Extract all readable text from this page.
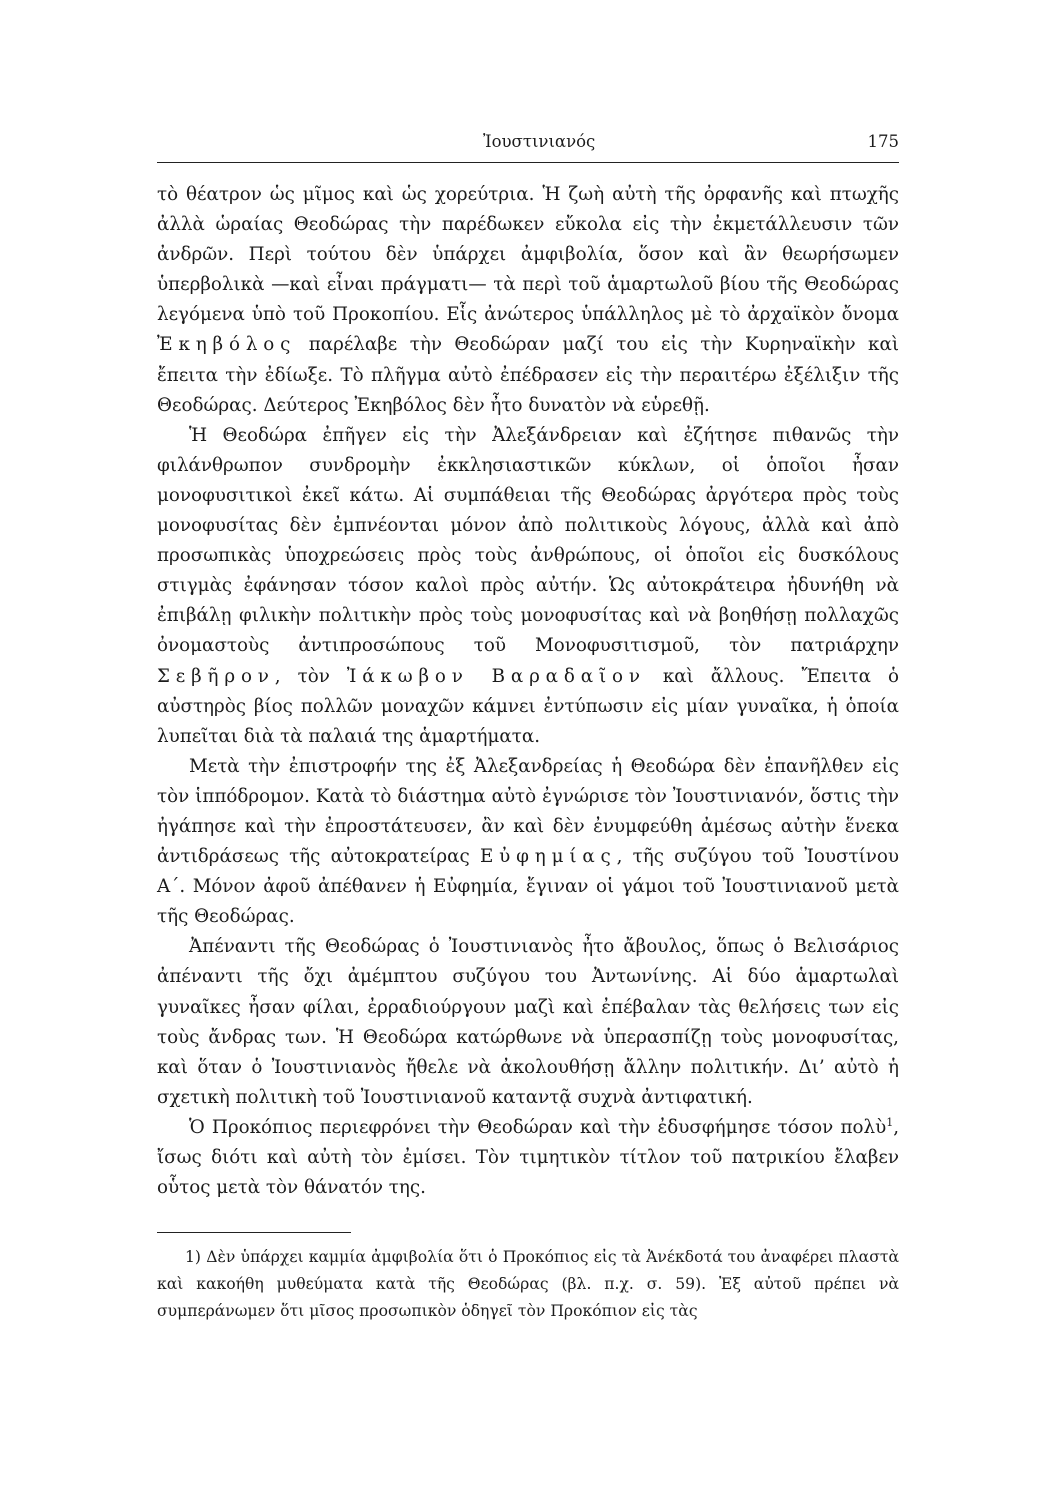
Ἰουστινιανός	175

τὸ θέατρον ὡς μῖμος καὶ ὡς χορεύτρια. Ἡ ζωὴ αὐτὴ τῆς ὀρφανῆς καὶ πτωχῆς ἀλλὰ ὡραίας Θεοδώρας τὴν παρέδωκεν εὔκολα εἰς τὴν ἐκμετάλλευσιν τῶν ἀνδρῶν. Περὶ τούτου δὲν ὑπάρχει ἀμφιβολία, ὅσον καὶ ἂν θεωρήσωμεν ὑπερβολικὰ —καὶ εἶναι πράγματι— τὰ περὶ τοῦ ἁμαρτωλοῦ βίου τῆς Θεοδώρας λεγόμενα ὑπὸ τοῦ Προκοπίου. Εἷς ἀνώτερος ὑπάλληλος μὲ τὸ ἀρχαϊκὸν ὄνομα Ἐκηβόλος παρέλαβε τὴν Θεοδώραν μαζί του εἰς τὴν Κυρηναϊκὴν καὶ ἔπειτα τὴν ἐδίωξε. Τὸ πλῆγμα αὐτὸ ἐπέδρασεν εἰς τὴν περαιτέρω ἐξέλιξιν τῆς Θεοδώρας. Δεύτερος Ἐκηβόλος δὲν ἦτο δυνατὸν νὰ εὑρεθῇ.

Ἡ Θεοδώρα ἐπῆγεν εἰς τὴν Ἀλεξάνδρειαν καὶ ἐζήτησε πιθανῶς τὴν φιλάνθρωπον συνδρομὴν ἐκκλησιαστικῶν κύκλων, οἱ ὁποῖοι ἦσαν μονοφυσιτικοὶ ἐκεῖ κάτω. Αἱ συμπάθειαι τῆς Θεοδώρας ἀργότερα πρὸς τοὺς μονοφυσίτας δὲν ἐμπνέονται μόνον ἀπὸ πολιτικοὺς λόγους, ἀλλὰ καὶ ἀπὸ προσωπικὰς ὑποχρεώσεις πρὸς τοὺς ἀνθρώπους, οἱ ὁποῖοι εἰς δυσκόλους στιγμὰς ἐφάνησαν τόσον καλοὶ πρὸς αὐτήν. Ὡς αὐτοκράτειρα ἠδυνήθη νὰ ἐπιβάλῃ φιλικὴν πολιτικὴν πρὸς τοὺς μονοφυσίτας καὶ νὰ βοηθήσῃ πολλαχῶς ὀνομαστοὺς ἀντιπροσώπους τοῦ Μονοφυσιτισμοῦ, τὸν πατριάρχην Σεβῆρον, τὸν Ἰάκωβον Βαραδαῖον καὶ ἄλλους. Ἔπειτα ὁ αὐστηρὸς βίος πολλῶν μοναχῶν κάμνει ἐντύπωσιν εἰς μίαν γυναῖκα, ἡ ὁποία λυπεῖται διὰ τὰ παλαιά της ἁμαρτήματα.

Μετὰ τὴν ἐπιστροφήν της ἐξ Ἀλεξανδρείας ἡ Θεοδώρα δὲν ἐπανῆλθεν εἰς τὸν ἱππόδρομον. Κατὰ τὸ διάστημα αὐτὸ ἐγνώρισε τὸν Ἰουστινιανόν, ὅστις τὴν ἠγάπησε καὶ τὴν ἐπροστάτευσεν, ἂν καὶ δὲν ἐνυμφεύθη ἀμέσως αὐτὴν ἕνεκα ἀντιδράσεως τῆς αὐτοκρατείρας Εὐφημίας, τῆς συζύγου τοῦ Ἰουστίνου Α΄. Μόνον ἀφοῦ ἀπέθανεν ἡ Εὐφημία, ἔγιναν οἱ γάμοι τοῦ Ἰουστινιανοῦ μετὰ τῆς Θεοδώρας.

Ἀπέναντι τῆς Θεοδώρας ὁ Ἰουστινιανὸς ἦτο ἄβουλος, ὅπως ὁ Βελισάριος ἀπέναντι τῆς ὄχι ἀμέμπτου συζύγου του Ἀντωνίνης. Αἱ δύο ἁμαρτωλαὶ γυναῖκες ἦσαν φίλαι, ἐρραδιούργουν μαζὶ καὶ ἐπέβαλαν τὰς θελήσεις των εἰς τοὺς ἄνδρας των. Ἡ Θεοδώρα κατώρθωνε νὰ ὑπερασπίζῃ τοὺς μονοφυσίτας, καὶ ὅταν ὁ Ἰουστινιανὸς ἤθελε νὰ ἀκολουθήσῃ ἄλλην πολιτικήν. Δι’ αὐτὸ ἡ σχετικὴ πολιτικὴ τοῦ Ἰουστινιανοῦ καταντᾷ συχνὰ ἀντιφατική.

Ὁ Προκόπιος περιεφρόνει τὴν Θεοδώραν καὶ τὴν ἐδυσφήμησε τόσον πολὺ$^1$, ἴσως διότι καὶ αὐτὴ τὸν ἐμίσει. Τὸν τιμητικὸν τίτλον τοῦ πατρικίου ἔλαβεν οὗτος μετὰ τὸν θάνατόν της.

1) Δὲν ὑπάρχει καμμία ἀμφιβολία ὅτι ὁ Προκόπιος εἰς τὰ Ἀνέκδοτά του ἀναφέρει πλαστὰ καὶ κακοήθη μυθεύματα κατὰ τῆς Θεοδώρας (βλ. π.χ. σ. 59). Ἐξ αὐτοῦ πρέπει νὰ συμπεράνωμεν ὅτι μῖσος προσωπικὸν ὁδηγεῖ τὸν Προκόπιον εἰς τὰς
